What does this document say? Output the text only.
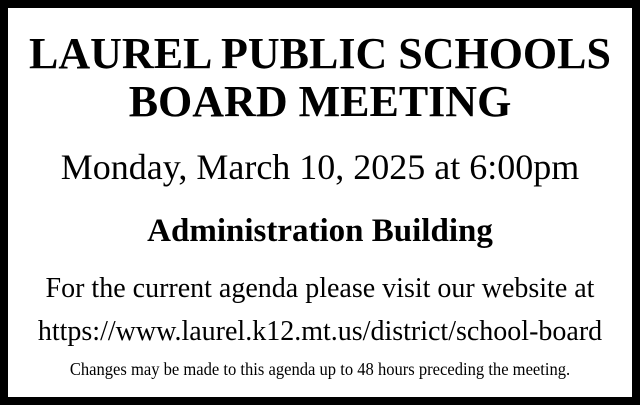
LAUREL PUBLIC SCHOOLS
BOARD MEETING
Monday, March 10, 2025 at 6:00pm
Administration Building
For the current agenda please visit our website at
https://www.laurel.k12.mt.us/district/school-board
Changes may be made to this agenda up to 48 hours preceding the meeting.
